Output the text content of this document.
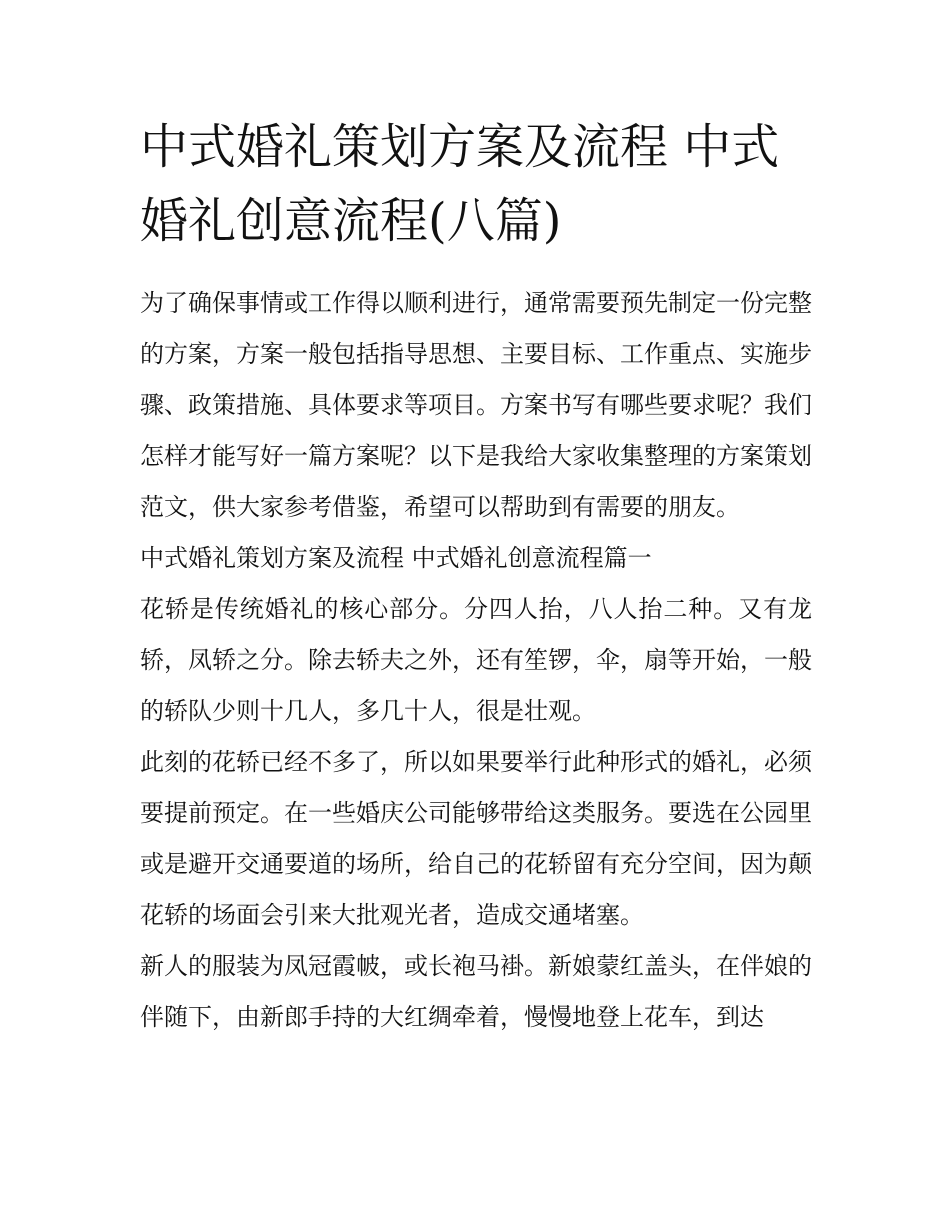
中式婚礼策划方案及流程 中式婚礼创意流程(八篇)

为了确保事情或工作得以顺利进行，通常需要预先制定一份完整的方案，方案一般包括指导思想、主要目标、工作重点、实施步骤、政策措施、具体要求等项目。方案书写有哪些要求呢？我们怎样才能写好一篇方案呢？以下是我给大家收集整理的方案策划范文，供大家参考借鉴，希望可以帮助到有需要的朋友。

中式婚礼策划方案及流程 中式婚礼创意流程篇一

花轿是传统婚礼的核心部分。分四人抬，八人抬二种。又有龙轿，凤轿之分。除去轿夫之外，还有笙锣，伞，扇等开始，一般的轿队少则十几人，多几十人，很是壮观。

此刻的花轿已经不多了，所以如果要举行此种形式的婚礼，必须要提前预定。在一些婚庆公司能够带给这类服务。要选在公园里或是避开交通要道的场所，给自己的花轿留有充分空间，因为颠花轿的场面会引来大批观光者，造成交通堵塞。

新人的服装为凤冠霞帔，或长袍马褂。新娘蒙红盖头，在伴娘的伴随下，由新郎手持的大红绸牵着，慢慢地登上花车，到达
